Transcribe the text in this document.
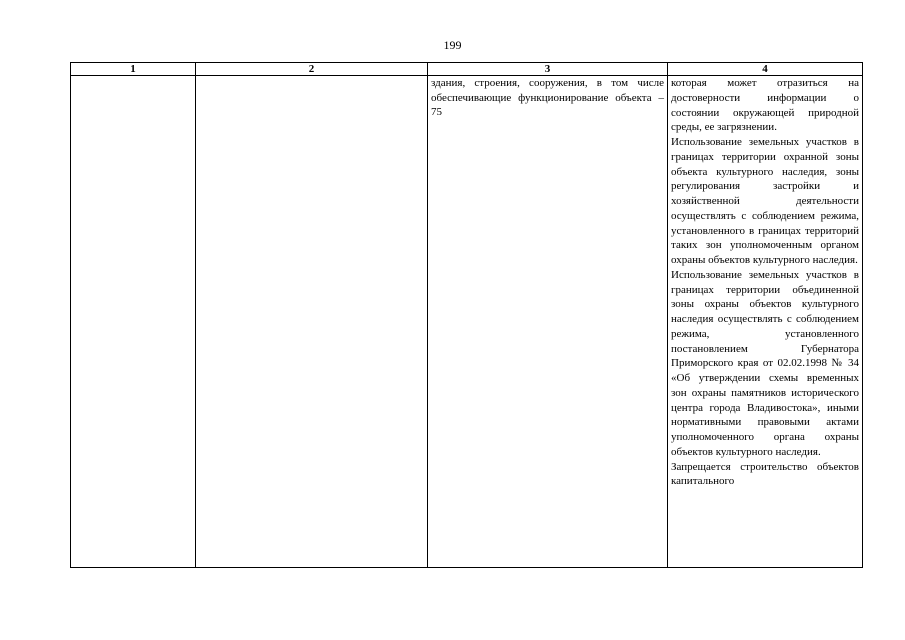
199
1	2	3	4

		здания, строения, сооружения, в том числе обеспечивающие функционирование объекта – 75	которая может отразиться на достоверности информации о состоянии окружающей природной среды, ее загрязнении.
Использование земельных участков в границах территории охранной зоны объекта культурного наследия, зоны регулирования застройки и хозяйственной деятельности осуществлять с соблюдением режима, установленного в границах территорий таких зон уполномоченным органом охраны объектов культурного наследия.
Использование земельных участков в границах территории объединенной зоны охраны объектов культурного наследия осуществлять с соблюдением режима, установленного постановлением Губернатора Приморского края от 02.02.1998 № 34 «Об утверждении схемы временных зон охраны памятников исторического центра города Владивостока», иными нормативными правовыми актами уполномоченного органа охраны объектов культурного наследия.
Запрещается строительство объектов капитального
